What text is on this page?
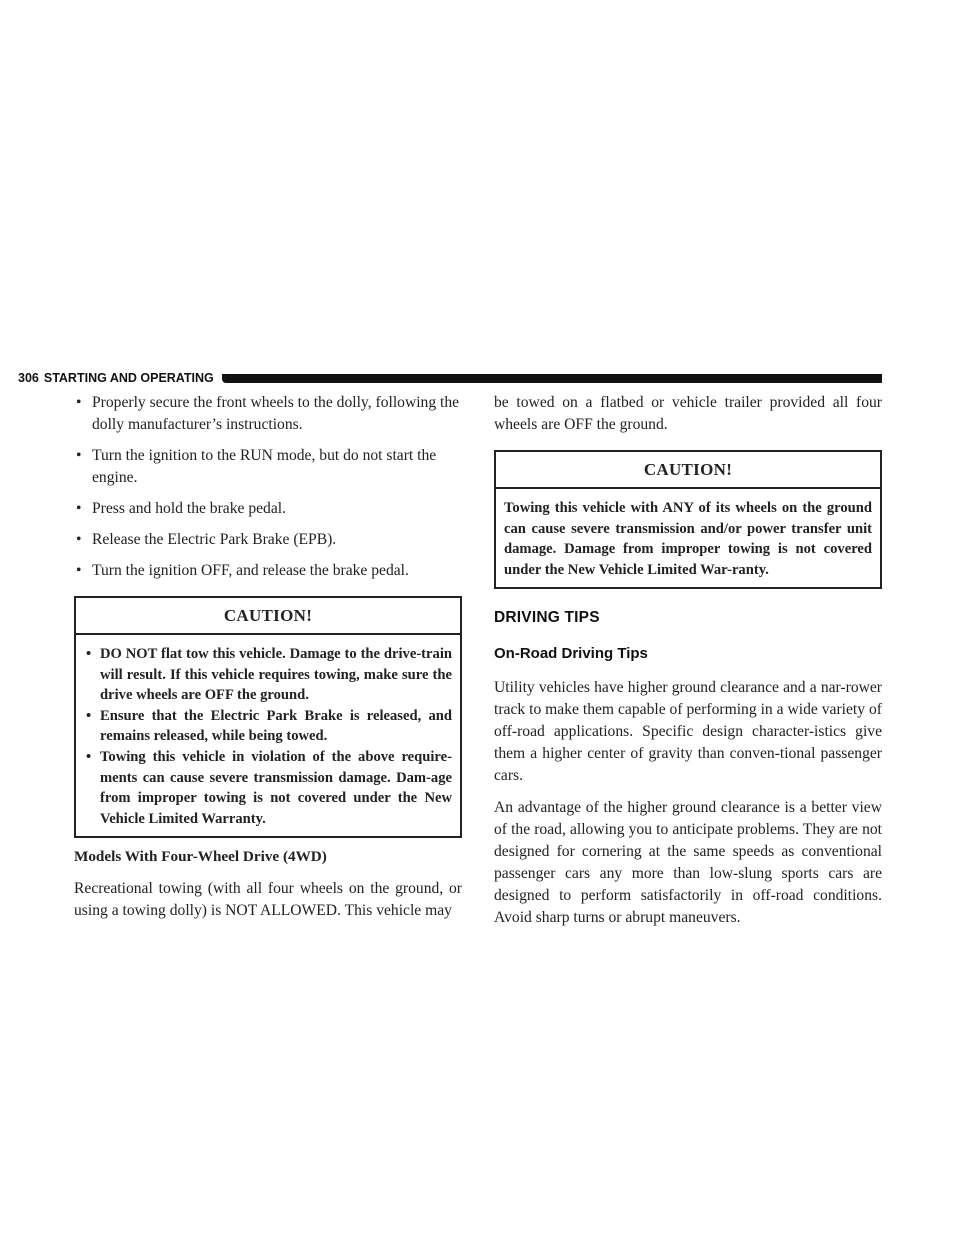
306 STARTING AND OPERATING
• Properly secure the front wheels to the dolly, following the dolly manufacturer’s instructions.
• Turn the ignition to the RUN mode, but do not start the engine.
• Press and hold the brake pedal.
• Release the Electric Park Brake (EPB).
• Turn the ignition OFF, and release the brake pedal.
CAUTION!
• DO NOT flat tow this vehicle. Damage to the drive-train will result. If this vehicle requires towing, make sure the drive wheels are OFF the ground.
• Ensure that the Electric Park Brake is released, and remains released, while being towed.
• Towing this vehicle in violation of the above require-ments can cause severe transmission damage. Dam-age from improper towing is not covered under the New Vehicle Limited Warranty.

Models With Four-Wheel Drive (4WD)

Recreational towing (with all four wheels on the ground, or using a towing dolly) is NOT ALLOWED. This vehicle may

be towed on a flatbed or vehicle trailer provided all four wheels are OFF the ground.

CAUTION!

Towing this vehicle with ANY of its wheels on the ground can cause severe transmission and/or power transfer unit damage. Damage from improper towing is not covered under the New Vehicle Limited War-ranty.

DRIVING TIPS
On-Road Driving Tips

Utility vehicles have higher ground clearance and a nar-rower track to make them capable of performing in a wide variety of off-road applications. Specific design character-istics give them a higher center of gravity than conven-tional passenger cars.

An advantage of the higher ground clearance is a better view of the road, allowing you to anticipate problems. They are not designed for cornering at the same speeds as conventional passenger cars any more than low-slung sports cars are designed to perform satisfactorily in off-road conditions. Avoid sharp turns or abrupt maneuvers.
